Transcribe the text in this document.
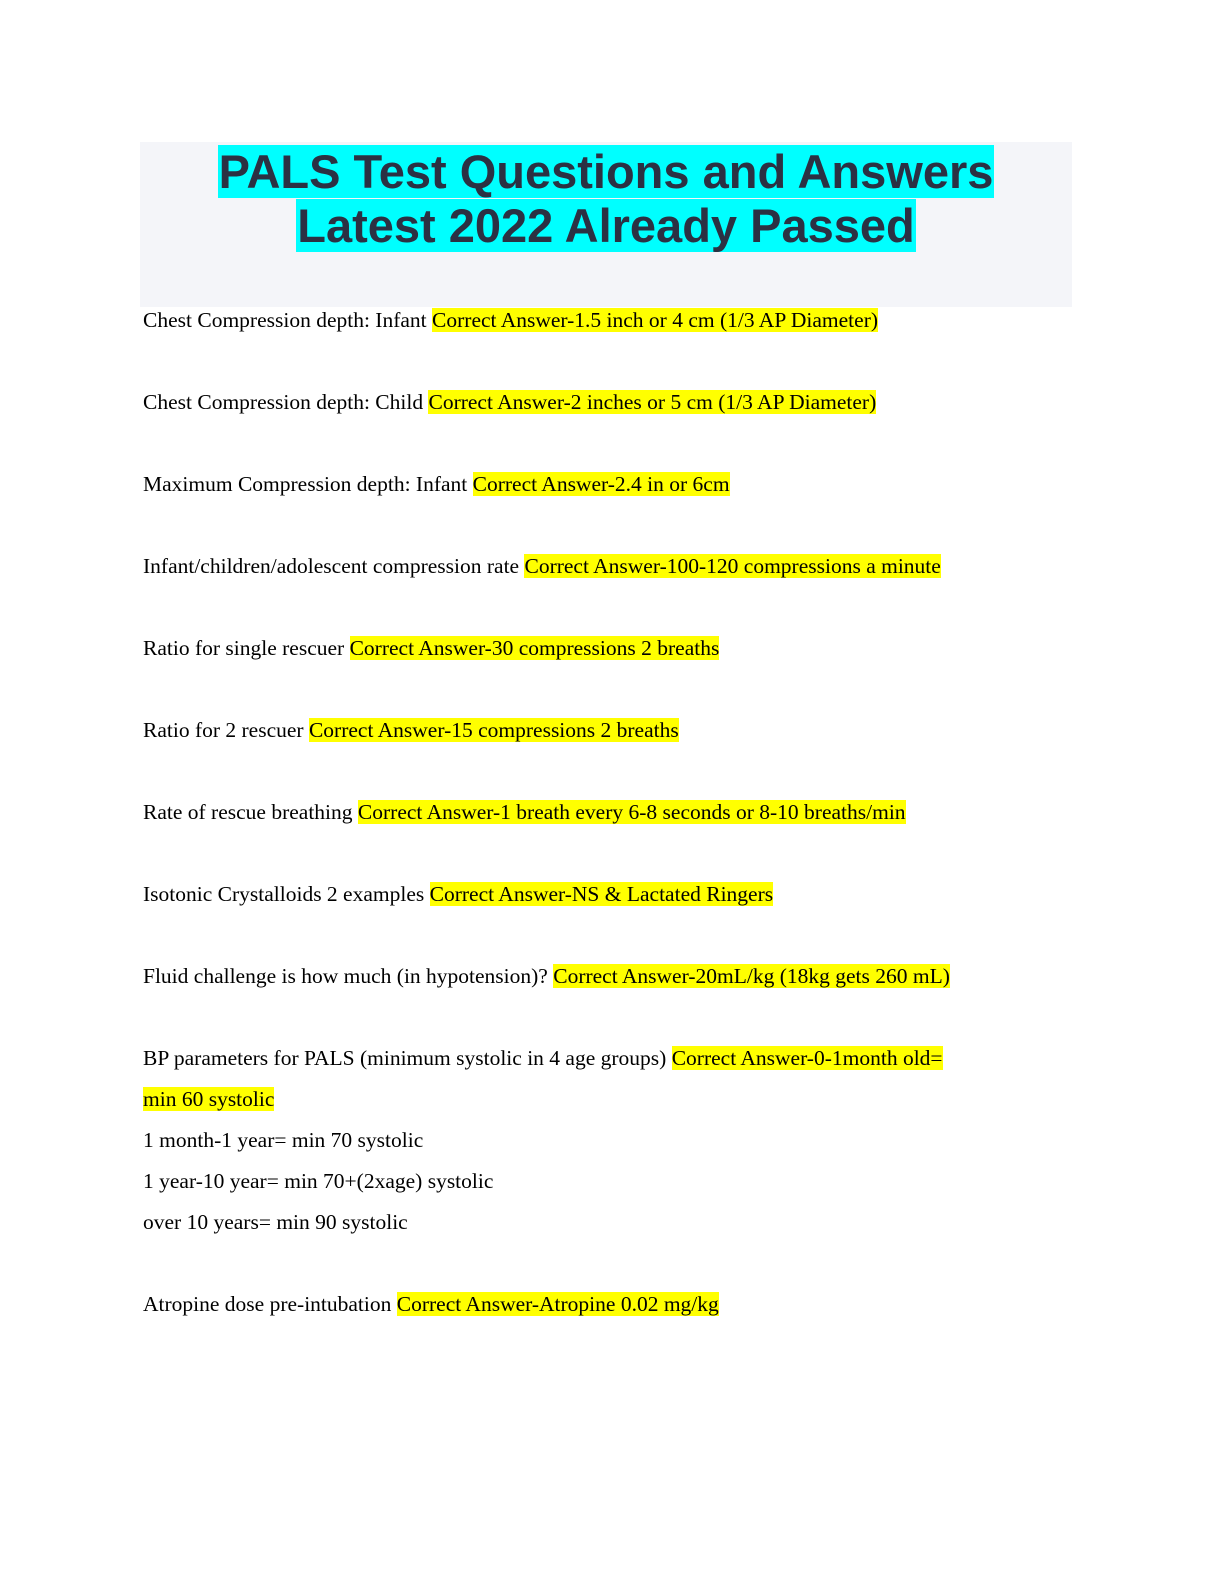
PALS Test Questions and Answers
Latest 2022 Already Passed
Chest Compression depth: Infant Correct Answer-1.5 inch or 4 cm (1/3 AP Diameter)
Chest Compression depth: Child Correct Answer-2 inches or 5 cm (1/3 AP Diameter)
Maximum Compression depth: Infant Correct Answer-2.4 in or 6cm
Infant/children/adolescent compression rate Correct Answer-100-120 compressions a minute
Ratio for single rescuer Correct Answer-30 compressions 2 breaths
Ratio for 2 rescuer Correct Answer-15 compressions 2 breaths
Rate of rescue breathing Correct Answer-1 breath every 6-8 seconds or 8-10 breaths/min
Isotonic Crystalloids 2 examples Correct Answer-NS & Lactated Ringers
Fluid challenge is how much (in hypotension)? Correct Answer-20mL/kg (18kg gets 260 mL)
BP parameters for PALS (minimum systolic in 4 age groups) Correct Answer-0-1month old=
min 60 systolic
1 month-1 year= min 70 systolic
1 year-10 year= min 70+(2xage) systolic
over 10 years= min 90 systolic
Atropine dose pre-intubation Correct Answer-Atropine 0.02 mg/kg
